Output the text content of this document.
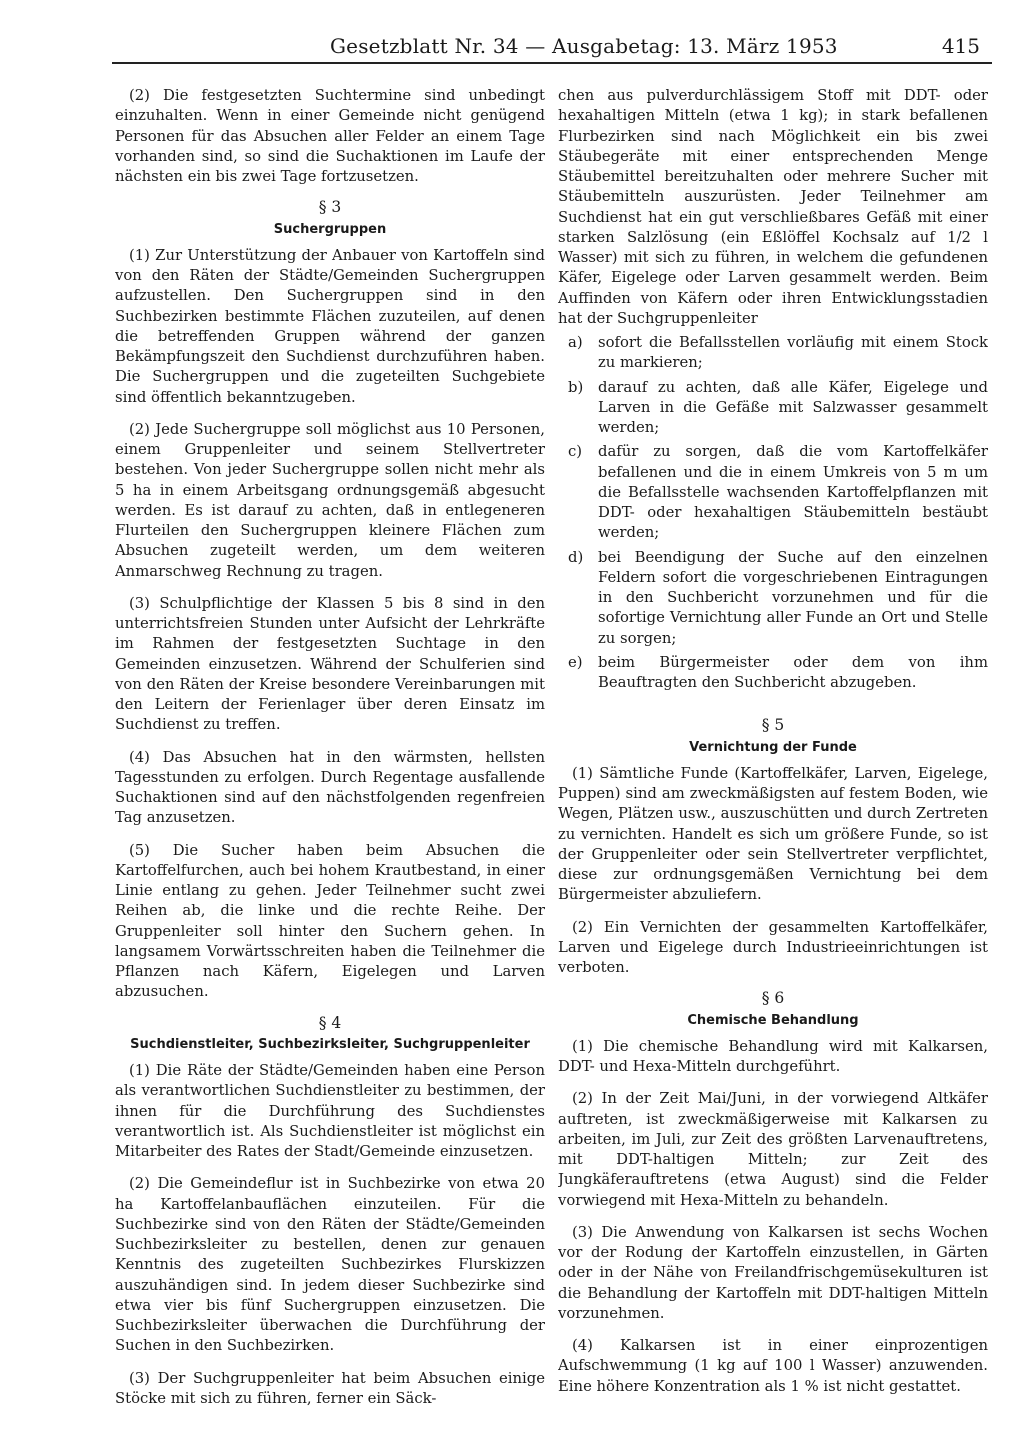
Gesetzblatt Nr. 34 — Ausgabetag: 13. März 1953	415

(2) Die festgesetzten Suchtermine sind unbedingt einzuhalten. Wenn in einer Gemeinde nicht genügend Personen für das Absuchen aller Felder an einem Tage vorhanden sind, so sind die Suchaktionen im Laufe der nächsten ein bis zwei Tage fortzusetzen.

§ 3
Suchergruppen

(1) Zur Unterstützung der Anbauer von Kartoffeln sind von den Räten der Städte/Gemeinden Suchergruppen aufzustellen. Den Suchergruppen sind in den Suchbezirken bestimmte Flächen zuzuteilen, auf denen die betreffenden Gruppen während der ganzen Bekämpfungszeit den Suchdienst durchzuführen haben. Die Suchergruppen und die zugeteilten Suchgebiete sind öffentlich bekanntzugeben.

(2) Jede Suchergruppe soll möglichst aus 10 Personen, einem Gruppenleiter und seinem Stellvertreter bestehen. Von jeder Suchergruppe sollen nicht mehr als 5 ha in einem Arbeitsgang ordnungsgemäß abgesucht werden. Es ist darauf zu achten, daß in entlegeneren Flurteilen den Suchergruppen kleinere Flächen zum Absuchen zugeteilt werden, um dem weiteren Anmarschweg Rechnung zu tragen.

(3) Schulpflichtige der Klassen 5 bis 8 sind in den unterrichtsfreien Stunden unter Aufsicht der Lehrkräfte im Rahmen der festgesetzten Suchtage in den Gemeinden einzusetzen. Während der Schulferien sind von den Räten der Kreise besondere Vereinbarungen mit den Leitern der Ferienlager über deren Einsatz im Suchdienst zu treffen.

(4) Das Absuchen hat in den wärmsten, hellsten Tagesstunden zu erfolgen. Durch Regentage ausfallende Suchaktionen sind auf den nächstfolgenden regenfreien Tag anzusetzen.

(5) Die Sucher haben beim Absuchen die Kartoffelfurchen, auch bei hohem Krautbestand, in einer Linie entlang zu gehen. Jeder Teilnehmer sucht zwei Reihen ab, die linke und die rechte Reihe. Der Gruppenleiter soll hinter den Suchern gehen. In langsamem Vorwärtsschreiten haben die Teilnehmer die Pflanzen nach Käfern, Eigelegen und Larven abzusuchen.

§ 4
Suchdienstleiter, Suchbezirksleiter, Suchgruppenleiter

(1) Die Räte der Städte/Gemeinden haben eine Person als verantwortlichen Suchdienstleiter zu bestimmen, der ihnen für die Durchführung des Suchdienstes verantwortlich ist. Als Suchdienstleiter ist möglichst ein Mitarbeiter des Rates der Stadt/Gemeinde einzusetzen.

(2) Die Gemeindeflur ist in Suchbezirke von etwa 20 ha Kartoffelanbauflächen einzuteilen. Für die Suchbezirke sind von den Räten der Städte/Gemeinden Suchbezirksleiter zu bestellen, denen zur genauen Kenntnis des zugeteilten Suchbezirkes Flurskizzen auszuhändigen sind. In jedem dieser Suchbezirke sind etwa vier bis fünf Suchergruppen einzusetzen. Die Suchbezirksleiter überwachen die Durchführung der Suchen in den Suchbezirken.

(3) Der Suchgruppenleiter hat beim Absuchen einige Stöcke mit sich zu führen, ferner ein Säck-

chen aus pulverdurchlässigem Stoff mit DDT- oder hexahaltigen Mitteln (etwa 1 kg); in stark befallenen Flurbezirken sind nach Möglichkeit ein bis zwei Stäubegeräte mit einer entsprechenden Menge Stäubemittel bereitzuhalten oder mehrere Sucher mit Stäubemitteln auszurüsten. Jeder Teilnehmer am Suchdienst hat ein gut verschließbares Gefäß mit einer starken Salzlösung (ein Eßlöffel Kochsalz auf 1/2 l Wasser) mit sich zu führen, in welchem die gefundenen Käfer, Eigelege oder Larven gesammelt werden. Beim Auffinden von Käfern oder ihren Entwicklungsstadien hat der Suchgruppenleiter

a)	sofort die Befallsstellen vorläufig mit einem Stock zu markieren;
b) darauf zu achten, daß alle Käfer, Eigelege und Larven in die Gefäße mit Salzwasser gesammelt werden;
c)	dafür zu sorgen, daß die vom Kartoffelkäfer befallenen und die in einem Umkreis von 5 m um die Befallsstelle wachsenden Kartoffelpflanzen mit DDT- oder hexahaltigen Stäubemitteln bestäubt werden;
d) bei Beendigung der Suche auf den einzelnen Feldern sofort die vorgeschriebenen Eintragungen in den Suchbericht vorzunehmen und für die sofortige Vernichtung aller Funde an Ort und Stelle zu sorgen;
e)	beim Bürgermeister oder dem von ihm Beauftragten den Suchbericht abzugeben.
§ 5
Vernichtung der Funde

(1) Sämtliche Funde (Kartoffelkäfer, Larven, Eigelege, Puppen) sind am zweckmäßigsten auf festem Boden, wie Wegen, Plätzen usw., auszuschütten und durch Zertreten zu vernichten. Handelt es sich um größere Funde, so ist der Gruppenleiter oder sein Stellvertreter verpflichtet, diese zur ordnungsgemäßen Vernichtung bei dem Bürgermeister abzuliefern.

(2) Ein Vernichten der gesammelten Kartoffelkäfer, Larven und Eigelege durch Industrieeinrichtungen ist verboten.

§ 6
Chemische Behandlung

(1) Die chemische Behandlung wird mit Kalkarsen, DDT- und Hexa-Mitteln durchgeführt.

(2) In der Zeit Mai/Juni, in der vorwiegend Altkäfer auftreten, ist zweckmäßigerweise mit Kalkarsen zu arbeiten, im Juli, zur Zeit des größten Larvenauftretens, mit DDT-haltigen Mitteln; zur Zeit des Jungkäferauftretens (etwa August) sind die Felder vorwiegend mit Hexa-Mitteln zu behandeln.

(3) Die Anwendung von Kalkarsen ist sechs Wochen vor der Rodung der Kartoffeln einzustellen, in Gärten oder in der Nähe von Freilandfrischgemüsekulturen ist die Behandlung der Kartoffeln mit DDT-haltigen Mitteln vorzunehmen.

(4) Kalkarsen ist in einer einprozentigen Aufschwemmung (1 kg auf 100 l Wasser) anzuwenden. Eine höhere Konzentration als 1 % ist nicht gestattet.
